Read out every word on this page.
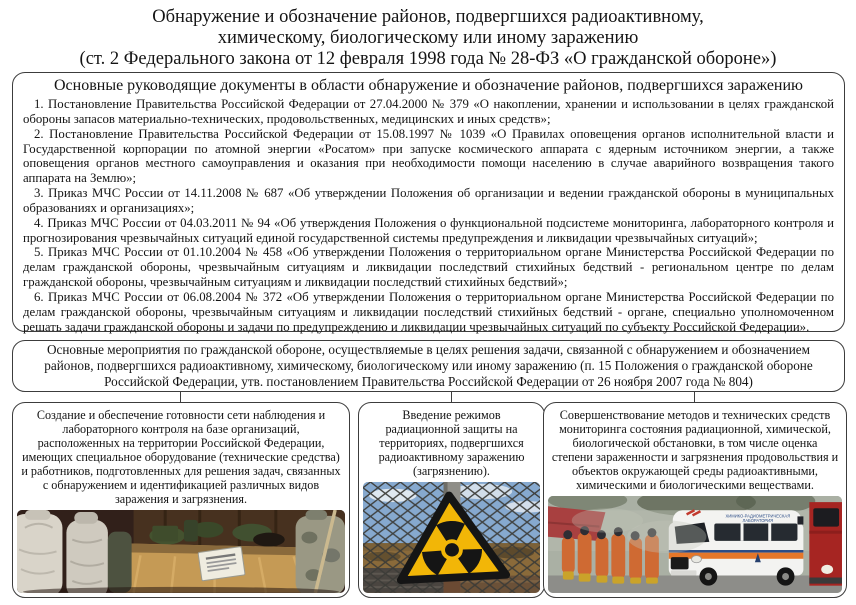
Обнаружение и обозначение районов, подвергшихся радиоактивному,
химическому, биологическому или иному заражению
(ст. 2 Федерального закона от 12 февраля 1998 года № 28-ФЗ «О гражданской обороне»)
Основные руководящие документы в области обнаружение и обозначение районов, подвергшихся заражению

1. Постановление Правительства Российской Федерации от 27.04.2000 № 379 «О накоплении, хранении и использовании в целях гражданской обороны запасов материально-технических, продовольственных, медицинских и иных средств»;

2. Постановление Правительства Российской Федерации от 15.08.1997 № 1039 «О Правилах оповещения органов исполнительной власти и Государственной корпорации по атомной энергии «Росатом» при запуске космического аппарата с ядерным источником энергии, а также оповещения органов местного самоуправления и оказания при необходимости помощи населению в случае аварийного возвращения такого аппарата на Землю»;

3. Приказ МЧС России от 14.11.2008 № 687 «Об утверждении Положения об организации и ведении гражданской обороны в муниципальных образованиях и организациях»;

4. Приказ МЧС России от 04.03.2011 № 94 «Об утверждения Положения о функциональной подсистеме мониторинга, лабораторного контроля и прогнозирования чрезвычайных ситуаций единой государственной системы предупреждения и ликвидации чрезвычайных ситуаций»;

5. Приказ МЧС России от 01.10.2004 № 458 «Об утверждении Положения о территориальном органе Министерства Российской Федерации по делам гражданской обороны, чрезвычайным ситуациям и ликвидации последствий стихийных бедствий - региональном центре по делам гражданской обороны, чрезвычайным ситуациям и ликвидации последствий стихийных бедствий»;

6. Приказ МЧС России от 06.08.2004 № 372 «Об утверждении Положения о территориальном органе Министерства Российской Федерации по делам гражданской обороны, чрезвычайным ситуациям и ликвидации последствий стихийных бедствий - органе, специально уполномоченном решать задачи гражданской обороны и задачи по предупреждению и ликвидации чрезвычайных ситуаций по субъекту Российской Федерации».

Основные мероприятия по гражданской обороне, осуществляемые в целях решения задачи, связанной с обнаружением и обозначением районов, подвергшихся радиоактивному, химическому, биологическому или иному заражению (п. 15 Положения о гражданской обороне Российской Федерации, утв. постановлением Правительства Российской Федерации от 26 ноября 2007 года № 804)
Создание и обеспечение готовности сети наблюдения и лабораторного контроля на базе организаций, расположенных на территории Российской Федерации, имеющих специальное оборудование (технические средства) и работников, подготовленных для решения задач, связанных с обнаружением и идентификацией различных видов заражения и загрязнения.
Введение режимов радиационной защиты на территориях, подвергшихся радиоактивному заражению (загрязнению).
Совершенствование методов и технических средств мониторинга состояния радиационной, химической, биологической обстановки, в том числе оценка степени зараженности и загрязнения продовольствия и объектов окружающей среды радиоактивными, химическими и биологическими веществами.
ХИМИКО-РАДИОМЕТРИЧЕСКАЯ
ЛАБОРАТОРИЯ
